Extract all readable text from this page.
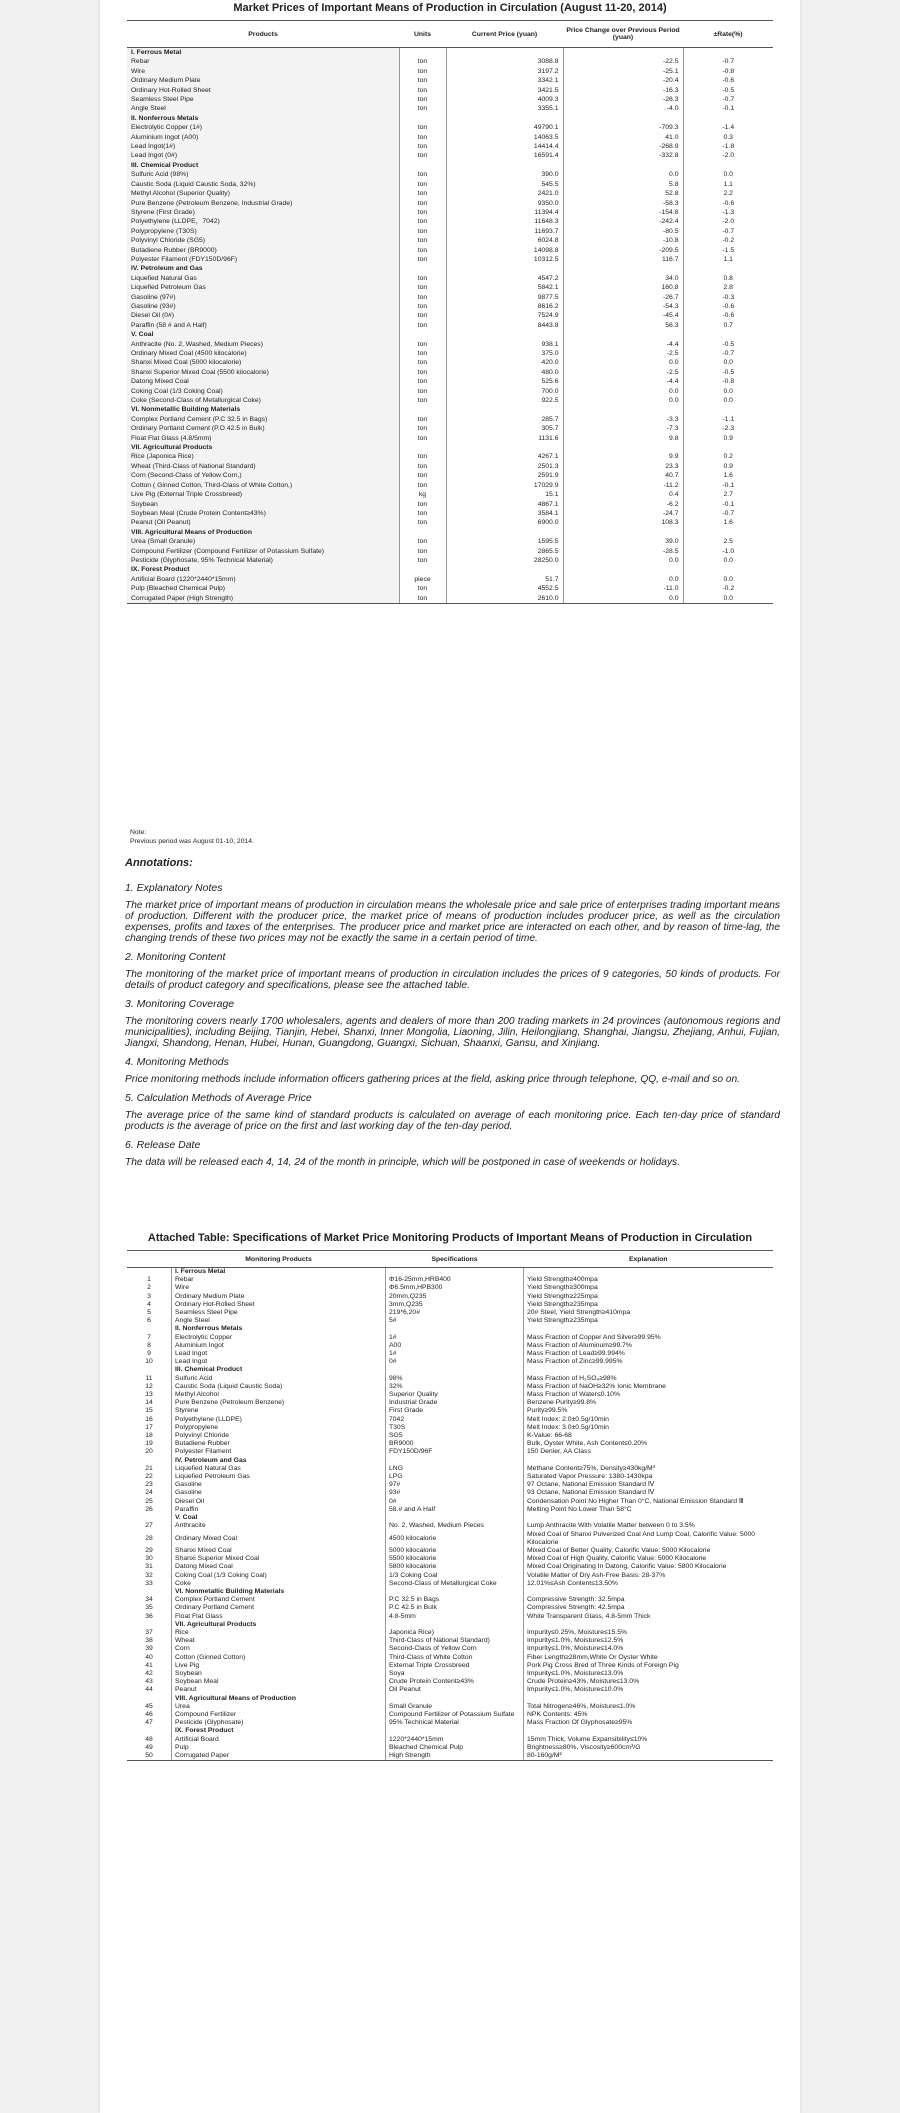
Market Prices of Important Means of Production in Circulation (August 11-20, 2014)
Products	Units	Current Price (yuan)	Price Change over Previous Period (yuan)	±Rate(%)
I. Ferrous Metal				
Rebar	ton	3088.8	-22.5	-0.7
Wire	ton	3197.2	-25.1	-0.8
Ordinary Medium Plate	ton	3342.1	-20.4	-0.6
Ordinary Hot-Rolled Sheet	ton	3421.5	-16.3	-0.5
Seamless Steel Pipe	ton	4009.3	-26.3	-0.7
Angle Steel	ton	3355.1	-4.0	-0.1
II. Nonferrous Metals				
Electrolytic Copper (1#)	ton	49790.1	-709.3	-1.4
Aluminium Ingot (A00)	ton	14063.5	41.0	0.3
Lead Ingot(1#)	ton	14414.4	-268.9	-1.8
Lead Ingot (0#)	ton	16591.4	-332.8	-2.0
III. Chemical Product				
Sulfuric Acid (98%)	ton	390.0	0.0	0.0
Caustic Soda (Liquid Caustic Soda, 32%)	ton	545.5	5.8	1.1
Methyl Alcohol (Superior Quality)	ton	2421.0	52.8	2.2
Pure Benzene (Petroleum Benzene, Industrial Grade)	ton	9350.0	-58.3	-0.6
Styrene (First Grade)	ton	11394.4	-154.8	-1.3
Polyethylene (LLDPE，7042)	ton	11648.3	-242.4	-2.0
Polypropylene (T30S)	ton	11693.7	-80.5	-0.7
Polyvinyl Chloride (SG5)	ton	6024.8	-10.8	-0.2
Butadiene Rubber (BR9000)	ton	14098.8	-209.5	-1.5
Polyester Filament (FDY150D/96F)	ton	10312.5	116.7	1.1
IV. Petroleum and Gas				
Liquefied Natural Gas	ton	4547.2	34.0	0.8
Liquefied Petroleum Gas	ton	5842.1	160.8	2.8
Gasoline (97#)	ton	9877.5	-26.7	-0.3
Gasoline (93#)	ton	8616.2	-54.3	-0.6
Diesel Oil (0#)	ton	7524.9	-45.4	-0.6
Paraffin (58 # and A Half)	ton	8443.8	56.3	0.7
V. Coal				
Anthracite (No. 2, Washed, Medium Pieces)	ton	938.1	-4.4	-0.5
Ordinary Mixed Coal (4500 kilocalorie)	ton	375.0	-2.5	-0.7
Shanxi Mixed Coal (5000 kilocalorie)	ton	420.0	0.0	0.0
Shanxi Superior Mixed Coal (5500 kilocalorie)	ton	480.0	-2.5	-0.5
Datong Mixed Coal	ton	525.6	-4.4	-0.8
Coking Coal (1/3 Coking Coal)	ton	700.0	0.0	0.0
Coke (Second-Class of Metallurgical Coke)	ton	922.5	0.0	0.0
VI. Nonmetallic Building Materials				
Complex Portland Cement (P.C 32.5 in Bags)	ton	285.7	-3.3	-1.1
Ordinary Portland Cement (P.O 42.5 in Bulk)	ton	305.7	-7.3	-2.3
Float Flat Glass (4.8/5mm)	ton	1131.6	9.8	0.9
VII. Agricultural Products				
Rice (Japonica Rice)	ton	4267.1	9.9	0.2
Wheat (Third-Class of National Standard)	ton	2501.3	23.3	0.9
Corn (Second-Class of Yellow Corn,)	ton	2591.9	40.7	1.6
Cotton ( Ginned Cotton, Third-Class of White Cotton,)	ton	17029.9	-11.2	-0.1
Live Pig (External Triple Crossbreed)	kg	15.1	0.4	2.7
Soybean	ton	4867.1	-6.2	-0.1
Soybean Meal (Crude Protein Content≥43%)	ton	3584.1	-24.7	-0.7
Peanut (Oil Peanut)	ton	6900.0	108.3	1.6
VIII. Agricultural Means of Production				
Urea (Small Granule)	ton	1595.5	39.0	2.5
Compound Fertilizer (Compound Fertilizer of Potassium Sulfate)	ton	2865.5	-28.5	-1.0
Pesticide (Glyphosate, 95% Technical Material)	ton	28250.0	0.0	0.0
IX. Forest Product				
Artificial Board (1220*2440*15mm)	piece	51.7	0.0	0.0
Pulp (Bleached Chemical Pulp)	ton	4552.5	-11.0	-0.2
Corrugated Paper (High Strength)	ton	2610.0	0.0	0.0
Note:
Previous period was August 01-10, 2014.
Annotations:
1. Explanatory Notes

The market price of important means of production in circulation means the wholesale price and sale price of enterprises trading important means of production. Different with the producer price, the market price of means of production includes producer price, as well as the circulation expenses, profits and taxes of the enterprises. The producer price and market price are interacted on each other, and by reason of time-lag, the changing trends of these two prices may not be exactly the same in a certain period of time.

2. Monitoring Content

The monitoring of the market price of important means of production in circulation includes the prices of 9 categories, 50 kinds of products. For details of product category and specifications, please see the attached table.

3. Monitoring Coverage

The monitoring covers nearly 1700 wholesalers, agents and dealers of more than 200 trading markets in 24 provinces (autonomous regions and municipalities), including Beijing, Tianjin, Hebei, Shanxi, Inner Mongolia, Liaoning, Jilin, Heilongjiang, Shanghai, Jiangsu, Zhejiang, Anhui, Fujian, Jiangxi, Shandong, Henan, Hubei, Hunan, Guangdong, Guangxi, Sichuan, Shaanxi, Gansu, and Xinjiang.

4. Monitoring Methods

Price monitoring methods include information officers gathering prices at the field, asking price through telephone, QQ, e-mail and so on.

5. Calculation Methods of Average Price

The average price of the same kind of standard products is calculated on average of each monitoring price. Each ten-day price of standard products is the average of price on the first and last working day of the ten-day period.

6. Release Date

The data will be released each 4, 14, 24 of the month in principle, which will be postponed in case of weekends or holidays.

Attached Table: Specifications of Market Price Monitoring Products of Important Means of Production in Circulation
	Monitoring Products	Specifications	Explanation
	I. Ferrous Metal		
1	Rebar	Φ16-25mm,HRB400	Yield Strength≥400mpa
2	Wire	Φ6.5mm,HPB300	Yield Strength≥300mpa
3	Ordinary Medium Plate	20mm,Q235	Yield Strength≥225mpa
4	Ordinary Hot-Rolled Sheet	3mm,Q235	Yield Strength≥235mpa
5	Seamless Steel Pipe	219*6,20#	20# Steel, Yield Strength≥410mpa
6	Angle Steel	5#	Yield Strength≥235mpa
	II. Nonferrous Metals		
7	Electrolytic Copper	1#	Mass Fraction of Copper And Silver≥99.95%
8	Aluminium Ingot	A00	Mass Fraction of Aluminum≥99.7%
9	Lead Ingot	1#	Mass Fraction of Lead≥99.994%
10	Lead Ingot	0#	Mass Fraction of Zinc≥99.995%
	III. Chemical Product		
11	Sulfuric Acid	98%	Mass Fraction of H₂SO₄≥98%
12	Caustic Soda (Liquid Caustic Soda)	32%	Mass Fraction of NaOH≥32% Ionic Membrane
13	Methyl Alcohol	Superior Quality	Mass Fraction of Water≤0.10%
14	Pure Benzene (Petroleum Benzene)	Industrial Grade	Benzene Purity≥99.8%
15	Styrene	First Grade	Purity≥99.5%
16	Polyethylene (LLDPE)	7042	Melt Index: 2.0±0.5g/10min
17	Polypropylene	T30S	Melt Index: 3.0±0.5g/10min
18	Polyvinyl Chloride	SG5	K-Value: 66-68
19	Butadiene Rubber	BR9000	Bulk, Oyster White, Ash Content≤0.20%
20	Polyester Filament	FDY150D/96F	150 Denier, AA Class
	IV. Petroleum and Gas		
21	Liquefied Natural Gas	LNG	Methane Content≥75%, Density≥430kg/M³
22	Liquefied Petroleum Gas	LPG	Saturated Vapor Pressure: 1380-1430kpa
23	Gasoline	97#	97 Octane, National Emission Standard Ⅳ
24	Gasoline	93#	93 Octane, National Emission Standard Ⅳ
25	Diesel Oil	0#	Condensation Point No Higher Than 0°C, National Emission Standard Ⅲ
26	Paraffin	58.# and A Half	Melting Point No Lower Than 58°C
	V. Coal		
27	Anthracite	No. 2, Washed, Medium Pieces	Lump Anthracite With Volatile Matter between 0 to 3.5%
28	Ordinary Mixed Coal	4500 kilocalorie	Mixed Coal of Shanxi Pulverized Coal And Lump Coal, Calorific Value: 5000 Kilocalorie
29	Shanxi Mixed Coal	5000 kilocalorie	Mixed Coal of Better Quality, Calorific Value: 5000 Kilocalorie
30	Shanxi Superior Mixed Coal	5500 kilocalorie	Mixed Coal of High Quality, Calorific Value: 5000 Kilocalorie
31	Datong Mixed Coal	5800 kilocalorie	Mixed Coal Originating In Datong, Calorific Value: 5800 Kilocalorie
32	Coking Coal (1/3 Coking Coal)	1/3 Coking Coal	Volatile Matter of Dry Ash-Free Basis: 28-37%
33	Coke	Second-Class of Metallurgical Coke	12.01%≤Ash Content≤13.50%
	VI. Nonmetallic Building Materials		
34	Complex Portland Cement	P.C 32.5 in Bags	Compressive Strength: 32.5mpa
35	Ordinary Portland Cement	P.C 42.5 in Bulk	Compressive Strength: 42.5mpa
36	Float Flat Glass	4.8-5mm	White Transparent Glass, 4.8-5mm Thick
	VII. Agricultural Products		
37	Rice	Japonica Rice)	Impurity≤0.25%, Moisture≤15.5%
38	Wheat	Third-Class of National Standard)	Impurity≤1.0%, Moisture≤12.5%
39	Corn	Second-Class of Yellow Corn	Impurity≤1.0%, Moisture≤14.0%
40	Cotton (Ginned Cotton)	Third-Class of White Cotton	Fiber Length≥28mm,White Or Oyster White
41	Live Pig	External Triple Crossbreed	Pork Pig Cross Bred of Three Kinds of Foreign Pig
42	Soybean	Soya	Impurity≤1.0%, Moisture≤13.0%
43	Soybean Meal	Crude Protein Content≥43%	Crude Protein≥43%, Moisture≤13.0%
44	Peanut	Oil Peanut	Impurity≤1.0%, Moisture≤10.0%
	VIII. Agricultural Means of Production		
45	Urea	Small Granule	Total Nitrogen≥46%, Moisture≤1.0%
46	Compound Fertilizer	Compound Fertilizer of Potassium Sulfate	NPK Contents: 45%
47	Pesticide (Glyphosate)	95% Technical Material	Mass Fraction Of Glyphosate≥95%
	IX. Forest Product		
48	Artificial Board	1220*2440*15mm	15mm Thick, Volume Expansibility≤10%
49	Pulp	Bleached Chemical Pulp	Brightness≥80%, Viscosity≥600cm³/G
50	Corrugated Paper	High Strength	80-160g/M²
